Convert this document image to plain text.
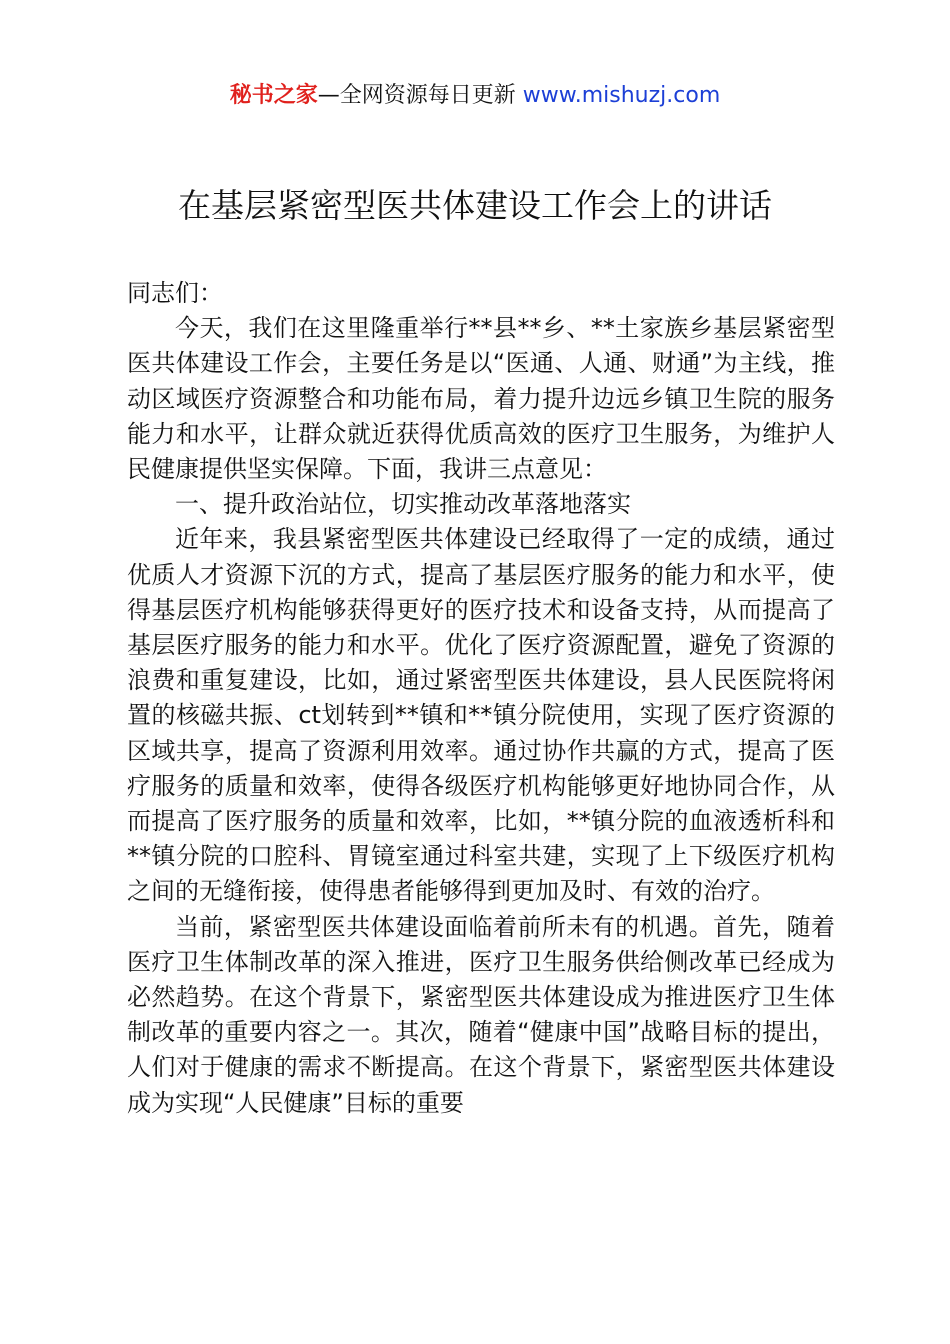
秘书之家—全网资源每日更新 www.mishuzj.com
在基层紧密型医共体建设工作会上的讲话

同志们：

今天，我们在这里隆重举行**县**乡、**土家族乡基层紧密型医共体建设工作会，主要任务是以“医通、人通、财通”为主线，推动区域医疗资源整合和功能布局，着力提升边远乡镇卫生院的服务能力和水平，让群众就近获得优质高效的医疗卫生服务，为维护人民健康提供坚实保障。下面，我讲三点意见：

一、提升政治站位，切实推动改革落地落实

近年来，我县紧密型医共体建设已经取得了一定的成绩，通过优质人才资源下沉的方式，提高了基层医疗服务的能力和水平，使得基层医疗机构能够获得更好的医疗技术和设备支持，从而提高了基层医疗服务的能力和水平。优化了医疗资源配置，避免了资源的浪费和重复建设，比如，通过紧密型医共体建设，县人民医院将闲置的核磁共振、ct划转到**镇和**镇分院使用，实现了医疗资源的区域共享，提高了资源利用效率。通过协作共赢的方式，提高了医疗服务的质量和效率，使得各级医疗机构能够更好地协同合作，从而提高了医疗服务的质量和效率，比如，**镇分院的血液透析科和**镇分院的口腔科、胃镜室通过科室共建，实现了上下级医疗机构之间的无缝衔接，使得患者能够得到更加及时、有效的治疗。

当前，紧密型医共体建设面临着前所未有的机遇。首先，随着医疗卫生体制改革的深入推进，医疗卫生服务供给侧改革已经成为必然趋势。在这个背景下，紧密型医共体建设成为推进医疗卫生体制改革的重要内容之一。其次，随着“健康中国”战略目标的提出，人们对于健康的需求不断提高。在这个背景下，紧密型医共体建设成为实现“人民健康”目标的重要
